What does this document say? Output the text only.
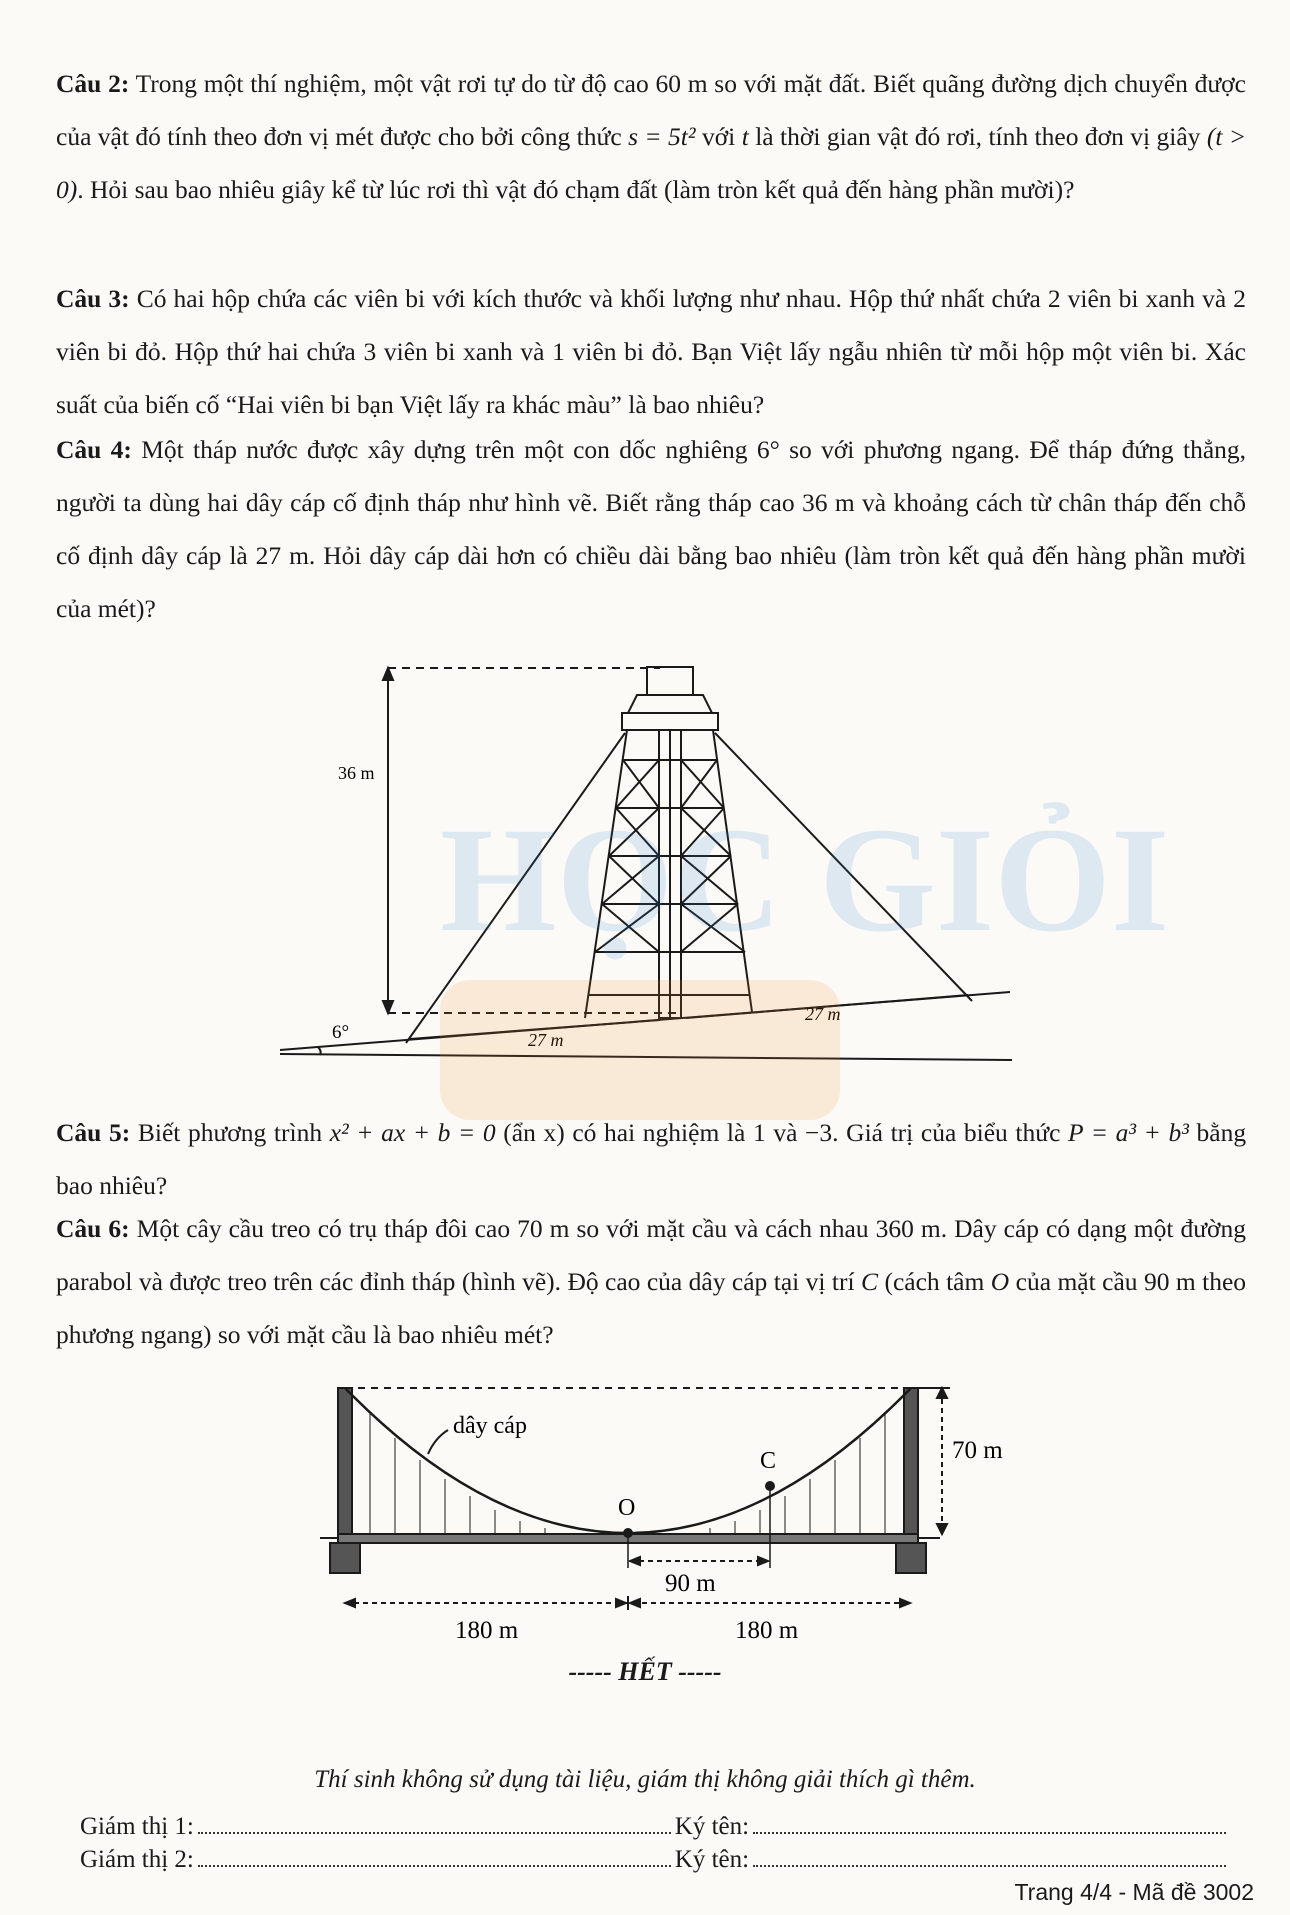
Câu 2: Trong một thí nghiệm, một vật rơi tự do từ độ cao 60 m so với mặt đất. Biết quãng đường dịch chuyển được của vật đó tính theo đơn vị mét được cho bởi công thức s = 5t² với t là thời gian vật đó rơi, tính theo đơn vị giây (t > 0). Hỏi sau bao nhiêu giây kể từ lúc rơi thì vật đó chạm đất (làm tròn kết quả đến hàng phần mười)?
Câu 3: Có hai hộp chứa các viên bi với kích thước và khối lượng như nhau. Hộp thứ nhất chứa 2 viên bi xanh và 2 viên bi đỏ. Hộp thứ hai chứa 3 viên bi xanh và 1 viên bi đỏ. Bạn Việt lấy ngẫu nhiên từ mỗi hộp một viên bi. Xác suất của biến cố “Hai viên bi bạn Việt lấy ra khác màu” là bao nhiêu?
Câu 4: Một tháp nước được xây dựng trên một con dốc nghiêng 6° so với phương ngang. Để tháp đứng thẳng, người ta dùng hai dây cáp cố định tháp như hình vẽ. Biết rằng tháp cao 36 m và khoảng cách từ chân tháp đến chỗ cố định dây cáp là 27 m. Hỏi dây cáp dài hơn có chiều dài bằng bao nhiêu (làm tròn kết quả đến hàng phần mười của mét)?
36 m
6°	27 m
27 m
HỌC GIỎI
Câu 5: Biết phương trình x² + ax + b = 0 (ẩn x) có hai nghiệm là 1 và −3. Giá trị của biểu thức P = a³ + b³ bằng bao nhiêu?
Câu 6: Một cây cầu treo có trụ tháp đôi cao 70 m so với mặt cầu và cách nhau 360 m. Dây cáp có dạng một đường parabol và được treo trên các đỉnh tháp (hình vẽ). Độ cao của dây cáp tại vị trí C (cách tâm O của mặt cầu 90 m theo phương ngang) so với mặt cầu là bao nhiêu mét?
dây cáp
C
O
70 m
90 m
180 m	180 m
----- HẾT -----
Thí sinh không sử dụng tài liệu, giám thị không giải thích gì thêm.
Giám thị 1:	Ký tên:
Giám thị 2:	Ký tên:
Trang 4/4 - Mã đề 3002
